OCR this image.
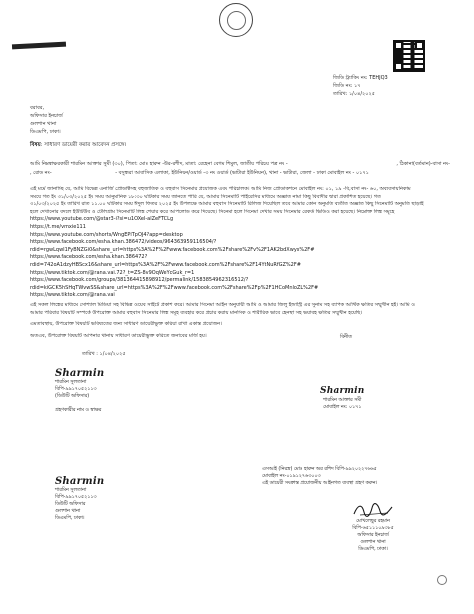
জিডি ট্র্যাকিং নং: TEHJQ3
জিডি নং: ১৭
তারিখ: ১/০৪/২০২৫
বরাবর,
অফিসার ইনচার্জ
গুলশান থানা
ডিএমপি, ঢাকা।
বিষয়: সাধারণ ডায়েরী করার আবেদন প্রসঙ্গে।
আমি নিম্নস্বাক্ষরকারী শারমিন আক্তার সুমী (৩০), পিতা: মোঃ হারুন -উর-রশীদ, মাতা: রেহেনা বেগম শিমুল, জাতীয় পরিচয় পত্র নং -	, ঠিকানা(বর্তমান)-বাসা নং-
, রোড নং-	- বসুন্ধরা আবাসিক এলাকা, ইউনিয়ন/ওয়ার্ড -৩ নং ওয়ার্ড (ভাটারা ইউনিয়ন), থানা - ভাটারা, জেলা - ঢাকা মোবাইল নং - ০১৭১
এই মর্মে জানাচ্ছি যে, আমি বিভেন্ন এনার্জি প্রোডাক্টসহ বহুজাতিক ও বহুবাস সিনেমার প্রযোজক এবং পরিচালক। আমি নিজ প্রোডাকশনে মোবাইল নং: ০১, ১৯ -বি,বাসা নং- ৬০, অব্যবসায়নিকাম
সময়ে গত ইং ৩১/০৩/২০২৫ ইং সময় আনুমানিক ১৮:৩০ ঘটিকার সময় জানতে পারি যে, আমার সিনেমাটি পাইরেসির মাধ্যমে অজ্ঞাত নামা কিছু বিবাদীর দ্বারা প্রকাশিত হয়েছে। গত
৩১/০৩/২০২৫ ইং তারিখ রাত ১১.০০ ঘটিকার সময় ঈদুল ফিতর ২০২৫ ইং উপলক্ষে আমার বহুবাস সিনেমাটি রিলিজ দিয়েছিল তবে আমার কোন অনুমতি ব্যতীত অজ্ঞাত কিছু সিনেমাটি অনুমতি ছাড়াই
হলে দেখানোর বদলে ইউটিউব ও টেলিগ্রাম সিনেমাটি লিঙ্ক শেয়ার করে আপলোড করে দিয়েছে। সিনেমা হলে সিনেমা দেখার সময় সিনেমার রেকর্ড ভিডিও করা হয়েছে। নিম্নোক্ত লিঙ্ক সমূহে
https://www.youtube.com/@star3-i?si=u1OXel-alZeFTCLg
https://t.me/vmxie111
https://www.youtube.com/shorts/WngEPiTpOJ4?app=desktop
https://www.facebook.com/esha.khan.386472/videos/964363959116504/?
rdid=rgwLqwI1FyBNZGi0&share_url=https%3A%2F%2Fwww.facebook.com%2Fshare%2Fv%2F1AK2bdXwys%2F#
https://www.facebook.com/esha.khan.386472?
rdid=742oA1dzyHBScx16&share_url=https%3A%2F%2Fwww.facebook.com%2Fshare%2F14YtNuRfGZ%2F#
https://www.tiktok.com/@rana.vai.72?_t=ZS-8v9OqWeYcGuk_r=1
https://www.facebook.com/groups/381364415898912/permalink/1583854962316512/?
rdid=kiGCK5hSHqTWvwSS&share_url=https%3A%2F%2Fwww.facebook.com%2Fshare%2Fp%2F1HCoMnloZL%2F#
https://www.tiktok.com/@rana.vai
এই সকল লিঙ্কের মাধ্যমে সোশ্যাল মিডিয়া সহ বিভিন্ন ওয়েব সাইটে প্রকাশ করে। আমার সিনেমা আইন অনুযায়ী আমি ও আমার জিলু ইন্ডাস্ট্রি এর সুনাম সহ ব্যাপক আর্থিক ক্ষতির সম্মুখীন হই। আমি ও
আমার পরিবার বিষয়টি সম্পর্কে উপরোক্ত আমার বহুবাস সিনেমার লিঙ্ক সমূহ ব্যবহার করে প্রচার করায় মানসিক ও শারীরিক ভাবে হেনস্থা সহ ভয়াবহ ক্ষতির সম্মুখীন হয়েছি।
এমতাবস্থায়, উপরোক্ত বিষয়টি ভবিষ্যতের জন্য সাধারণ ডায়েরীভুক্ত করিয়া রাখা একান্ত প্রয়োজন।
অতএব, উপরোক্ত বিষয়টি আপনার থানায় সাধারণ ডায়েরীভুক্ত করিতে জনাবের মর্জি হয়।
তারিখ : ১/০৪/২০২৫
বিনীত
Sharmin
শারমিন সুলতানা
বিপি-৯৯১৭০৫২১১৩
(ডিউটি অফিসার)
গ্রহণকারীর নাম ও স্বাক্ষর
Sharmin
শারমিন আক্তার সমী
মোবাইল নং: ০১৭১
Sharmin
শারমিন সুলতানা
বিপি-৯৯১৭০৫২১১৩
ডিউটি অফিসার
গুলশান থানা
ডিএমপি, ঢাকা।
এসআই (নিরস্ত্র) মোঃ হারুন অর রশিদ বিপি-৯৯২০২২৭৬৬৫
মোবাইল নং-০১৯১২৭৬৩০০৩
এই ডায়েরী সংক্রান্ত প্রয়োজনীয় আইনগত ব্যবস্থা গ্রহণ করুন।
মোখলেছুর রহমান
বিপি-৬৫১১১০৯৩৮৫
অফিসার ইনচার্জ
গুলশান থানা
ডিএমপি, ঢাকা।
